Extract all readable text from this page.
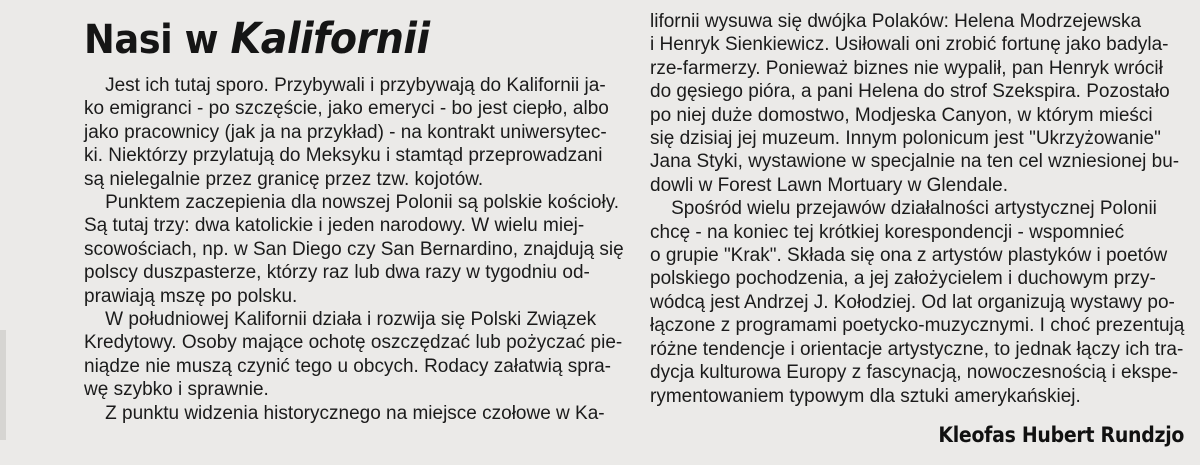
Nasi w Kalifornii

Jest ich tutaj sporo. Przybywali i przybywają do Kalifornii ja-
ko emigranci - po szczęście, jako emeryci - bo jest ciepło, albo
jako pracownicy (jak ja na przykład) - na kontrakt uniwersytec-
ki. Niektórzy przylatują do Meksyku i stamtąd przeprowadzani
są nielegalnie przez granicę przez tzw. kojotów.

Punktem zaczepienia dla nowszej Polonii są polskie kościoły.
Są tutaj trzy: dwa katolickie i jeden narodowy. W wielu miej-
scowościach, np. w San Diego czy San Bernardino, znajdują się
polscy duszpasterze, którzy raz lub dwa razy w tygodniu od-
prawiają mszę po polsku.

W południowej Kalifornii działa i rozwija się Polski Związek
Kredytowy. Osoby mające ochotę oszczędzać lub pożyczać pie-
niądze nie muszą czynić tego u obcych. Rodacy załatwią spra-
wę szybko i sprawnie.

Z punktu widzenia historycznego na miejsce czołowe w Ka-

lifornii wysuwa się dwójka Polaków: Helena Modrzejewska
i Henryk Sienkiewicz. Usiłowali oni zrobić fortunę jako badyla-
rze-farmerzy. Ponieważ biznes nie wypalił, pan Henryk wrócił
do gęsiego pióra, a pani Helena do strof Szekspira. Pozostało
po niej duże domostwo, Modjeska Canyon, w którym mieści
się dzisiaj jej muzeum. Innym polonicum jest "Ukrzyżowanie"
Jana Styki, wystawione w specjalnie na ten cel wzniesionej bu-
dowli w Forest Lawn Mortuary w Glendale.

Spośród wielu przejawów działalności artystycznej Polonii
chcę - na koniec tej krótkiej korespondencji - wspomnieć
o grupie "Krak". Składa się ona z artystów plastyków i poetów
polskiego pochodzenia, a jej założycielem i duchowym przy-
wódcą jest Andrzej J. Kołodziej. Od lat organizują wystawy po-
łączone z programami poetycko-muzycznymi. I choć prezentują
różne tendencje i orientacje artystyczne, to jednak łączy ich tra-
dycja kulturowa Europy z fascynacją, nowoczesnością i ekspe-
rymentowaniem typowym dla sztuki amerykańskiej.

Kleofas Hubert Rundzjo
